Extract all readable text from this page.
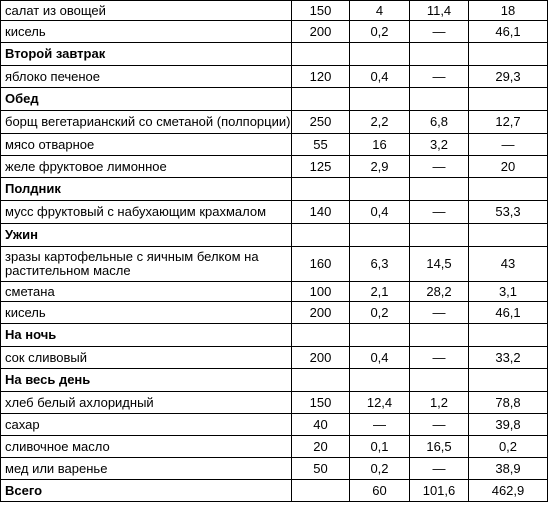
салат из овощей	150	4	11,4	18
кисель	200	0,2	—	46,1
Второй завтрак				
яблоко печеное	120	0,4	—	29,3
Обед				
борщ вегетарианский со сметаной (полпорции)	250	2,2	6,8	12,7
мясо отварное	55	16	3,2	—
желе фруктовое лимонное	125	2,9	—	20
Полдник				
мусс фруктовый с набухающим крахмалом	140	0,4	—	53,3
Ужин				
зразы картофельные с яичным белком на растительном масле	160	6,3	14,5	43
сметана	100	2,1	28,2	3,1
кисель	200	0,2	—	46,1
На ночь				
сок сливовый	200	0,4	—	33,2
На весь день				
хлеб белый ахлоридный	150	12,4	1,2	78,8
сахар	40	—	—	39,8
сливочное масло	20	0,1	16,5	0,2
мед или варенье	50	0,2	—	38,9
Всего		60	101,6	462,9
